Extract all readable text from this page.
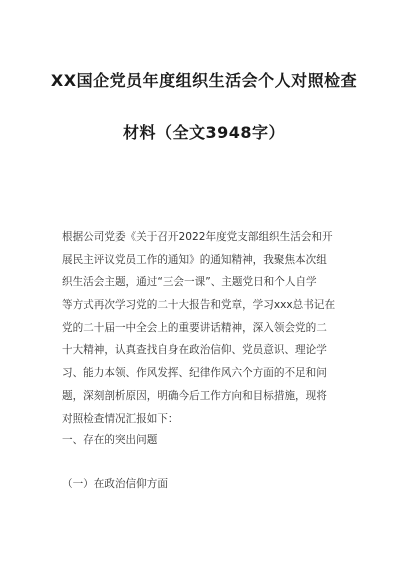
XX国企党员年度组织生活会个人对照检查
材料（全文3948字）
根据公司党委《关于召开2022年度党支部组织生活会和开
展民主评议党员工作的通知》的通知精神，我聚焦本次组
织生活会主题，通过“三会一课”、主题党日和个人自学
等方式再次学习党的二十大报告和党章，学习xxx总书记在
党的二十届一中全会上的重要讲话精神，深入领会党的二
十大精神，认真查找自身在政治信仰、党员意识、理论学
习、能力本领、作风发挥、纪律作风六个方面的不足和问
题，深刻剖析原因，明确今后工作方向和目标措施，现将
对照检查情况汇报如下：
一、存在的突出问题
（一）在政治信仰方面
